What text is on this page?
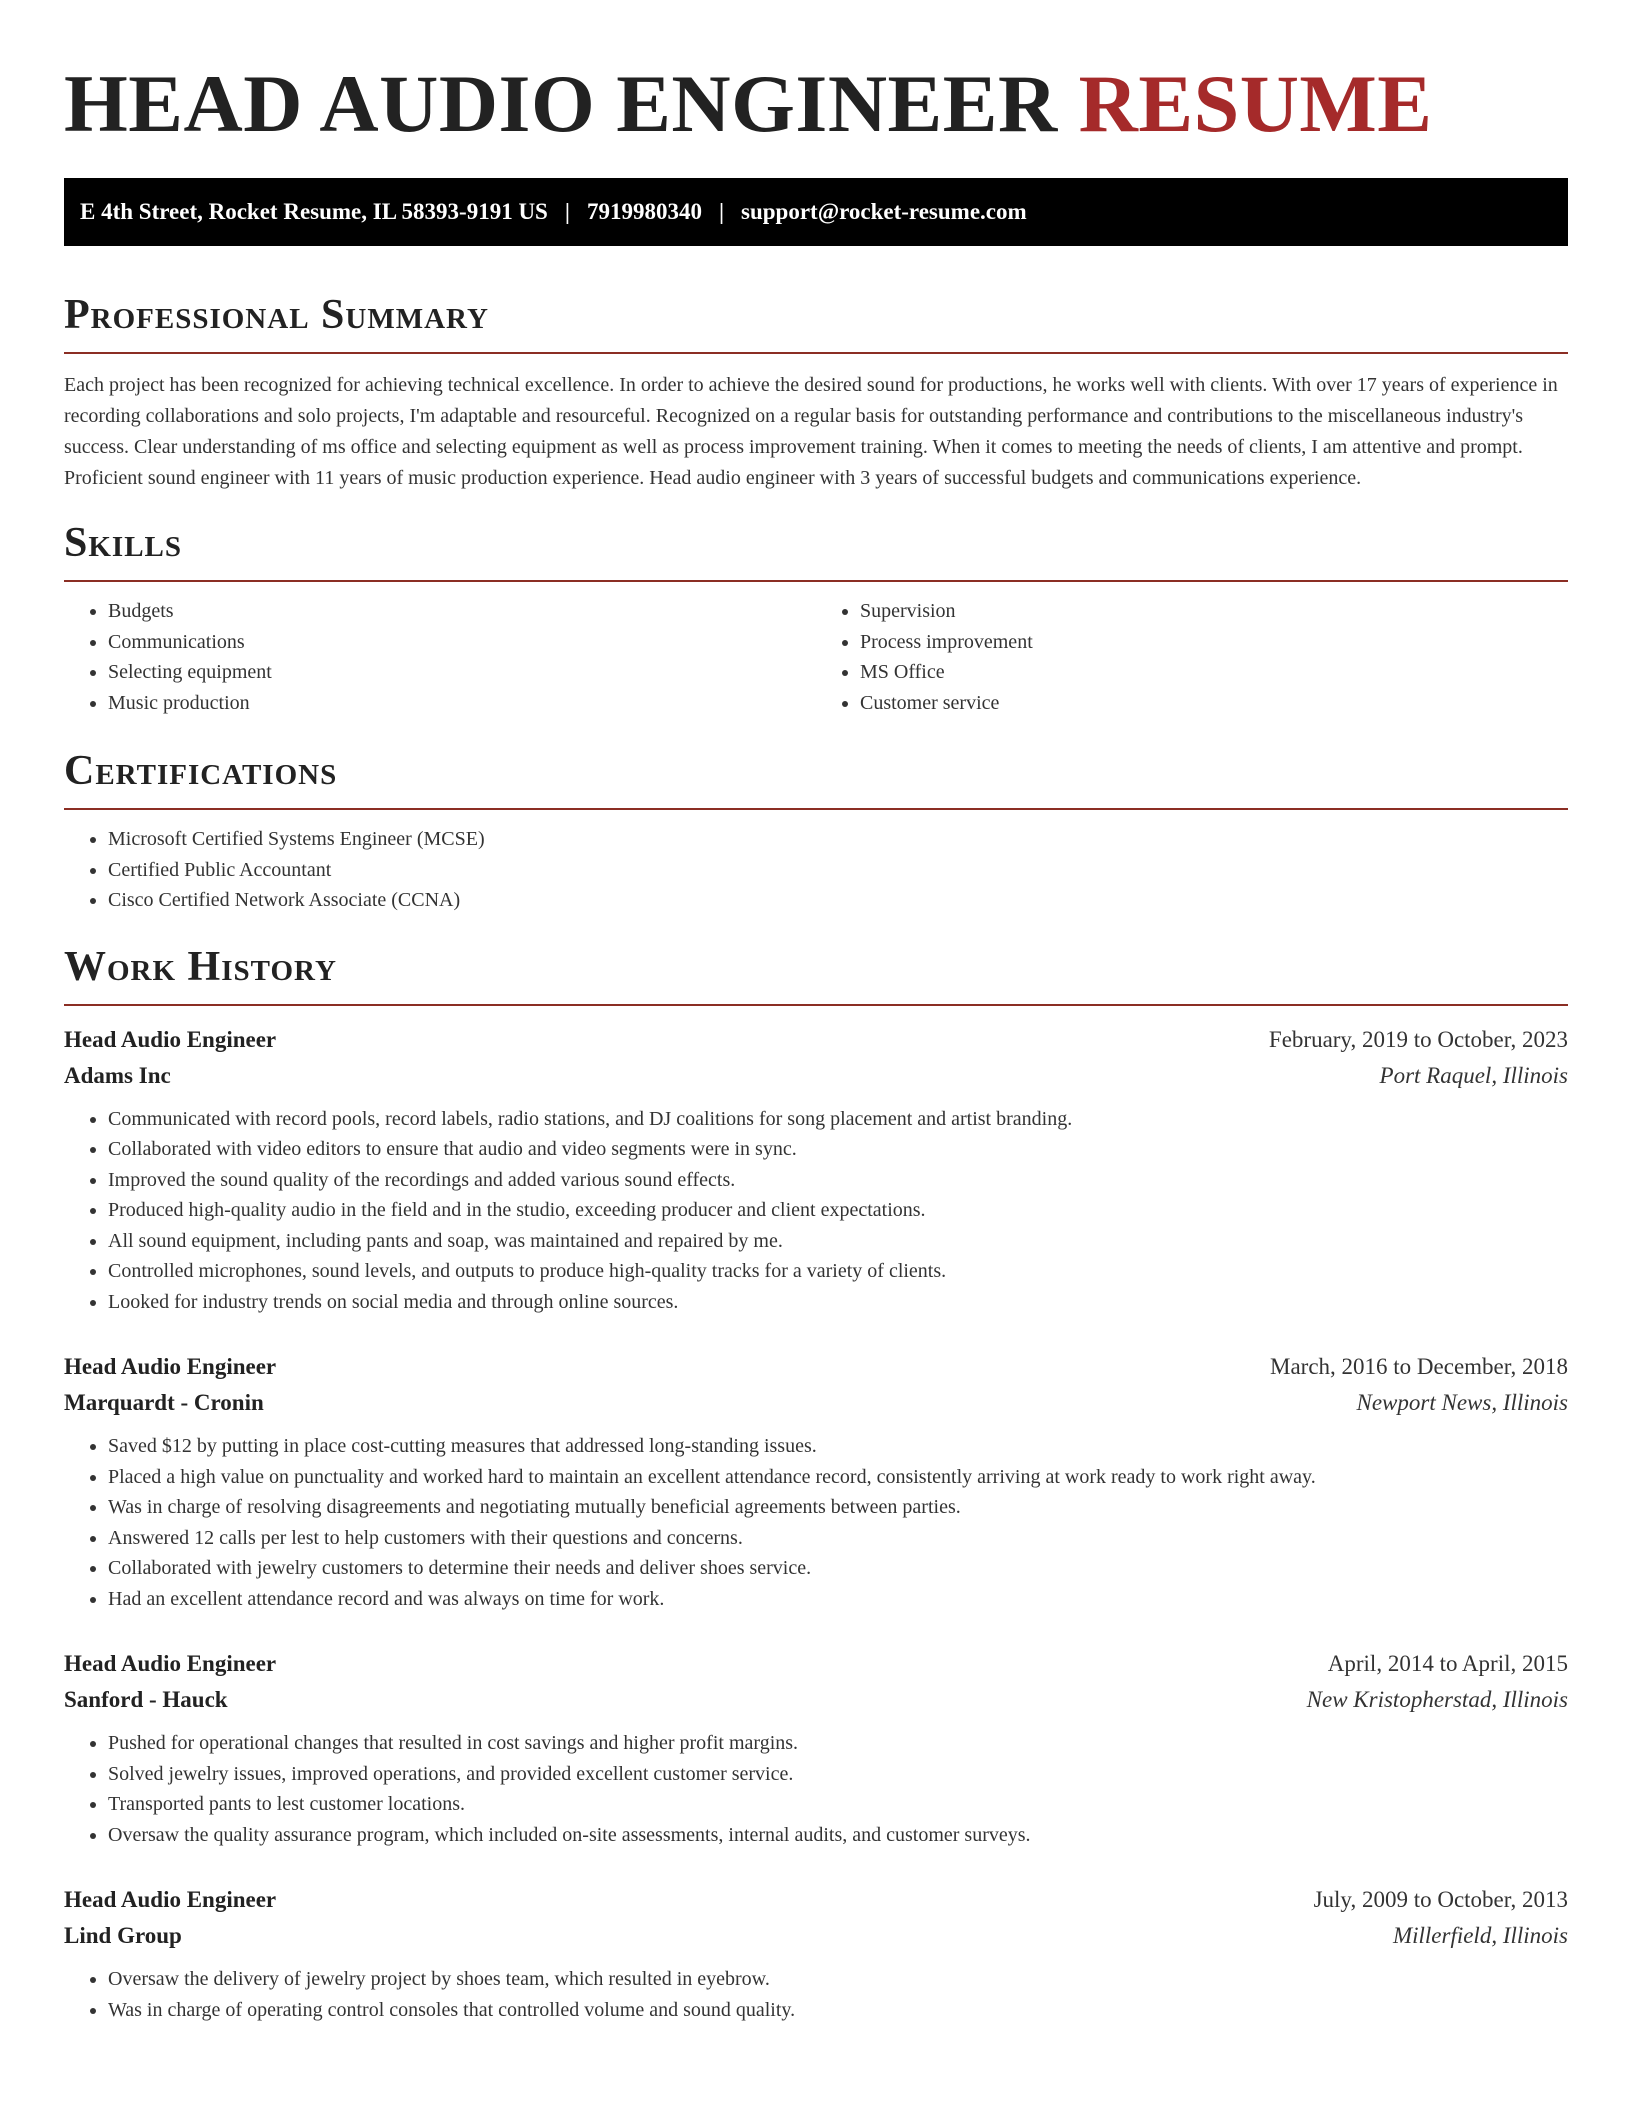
HEAD AUDIO ENGINEER RESUME
E 4th Street, Rocket Resume, IL 58393-9191 US | 7919980340 | support@rocket-resume.com
Professional Summary

Each project has been recognized for achieving technical excellence. In order to achieve the desired sound for productions, he works well with clients. With over 17 years of experience in recording collaborations and solo projects, I'm adaptable and resourceful. Recognized on a regular basis for outstanding performance and contributions to the miscellaneous industry's success. Clear understanding of ms office and selecting equipment as well as process improvement training. When it comes to meeting the needs of clients, I am attentive and prompt. Proficient sound engineer with 11 years of music production experience. Head audio engineer with 3 years of successful budgets and communications experience.

Skills
• Budgets
• Communications
• Selecting equipment
• Music production
• Supervision
• Process improvement
• MS Office
• Customer service
Certifications
• Microsoft Certified Systems Engineer (MCSE)
• Certified Public Accountant
• Cisco Certified Network Associate (CCNA)
Work History
Head Audio Engineer	February, 2019 to October, 2023
Adams Inc	Port Raquel, Illinois
• Communicated with record pools, record labels, radio stations, and DJ coalitions for song placement and artist branding.
• Collaborated with video editors to ensure that audio and video segments were in sync.
• Improved the sound quality of the recordings and added various sound effects.
• Produced high-quality audio in the field and in the studio, exceeding producer and client expectations.
• All sound equipment, including pants and soap, was maintained and repaired by me.
• Controlled microphones, sound levels, and outputs to produce high-quality tracks for a variety of clients.
• Looked for industry trends on social media and through online sources.
Head Audio Engineer	March, 2016 to December, 2018
Marquardt - Cronin	Newport News, Illinois
• Saved $12 by putting in place cost-cutting measures that addressed long-standing issues.
• Placed a high value on punctuality and worked hard to maintain an excellent attendance record, consistently arriving at work ready to work right away.
• Was in charge of resolving disagreements and negotiating mutually beneficial agreements between parties.
• Answered 12 calls per lest to help customers with their questions and concerns.
• Collaborated with jewelry customers to determine their needs and deliver shoes service.
• Had an excellent attendance record and was always on time for work.
Head Audio Engineer	April, 2014 to April, 2015
Sanford - Hauck	New Kristopherstad, Illinois
• Pushed for operational changes that resulted in cost savings and higher profit margins.
• Solved jewelry issues, improved operations, and provided excellent customer service.
• Transported pants to lest customer locations.
• Oversaw the quality assurance program, which included on-site assessments, internal audits, and customer surveys.
Head Audio Engineer	July, 2009 to October, 2013
Lind Group	Millerfield, Illinois
• Oversaw the delivery of jewelry project by shoes team, which resulted in eyebrow.
• Was in charge of operating control consoles that controlled volume and sound quality.
